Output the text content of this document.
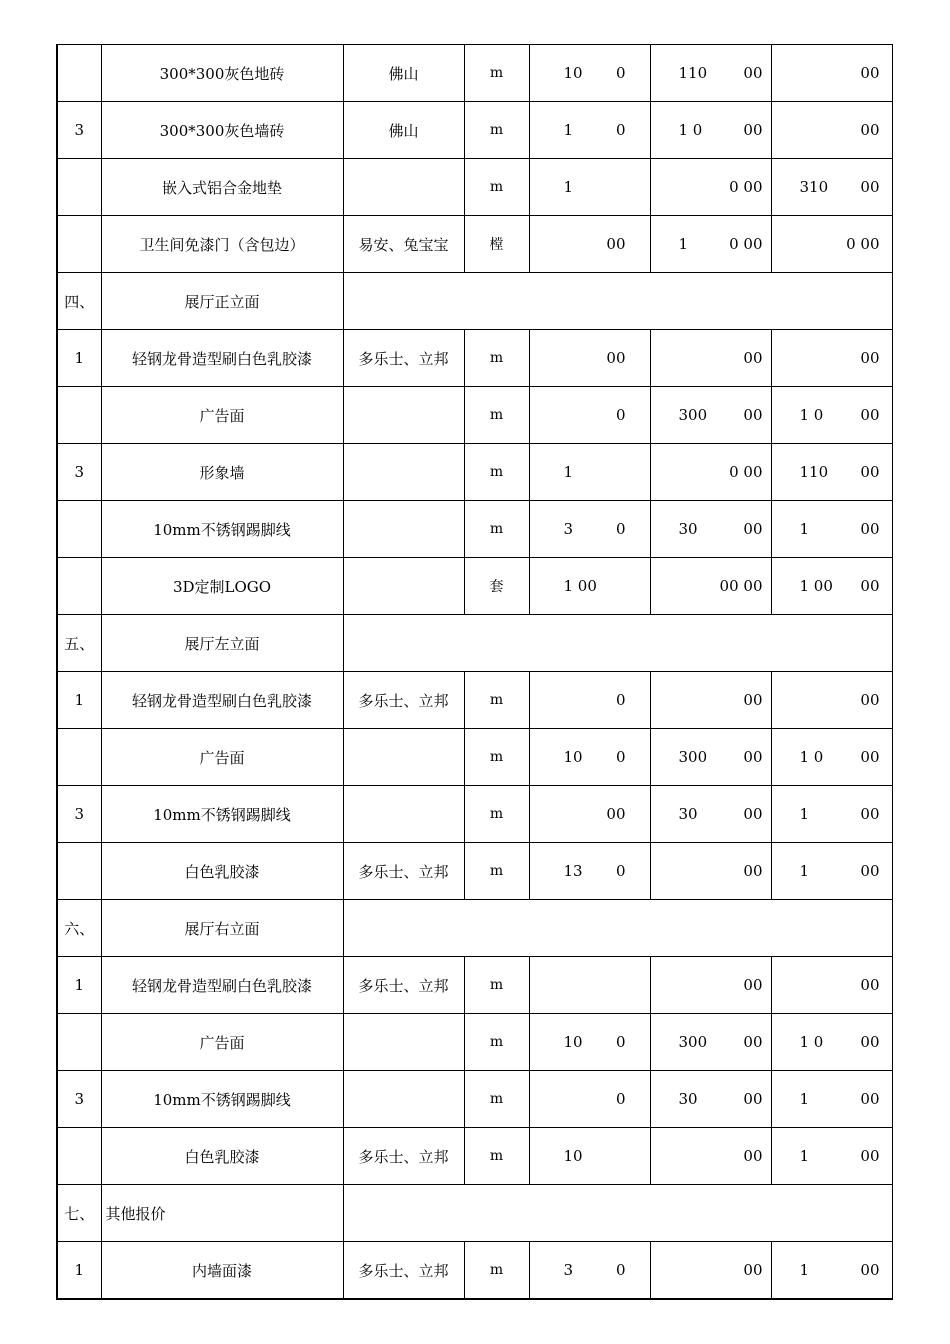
	300*300灰色地砖	佛山	m	10 0	110 00	00

3	300*300灰色墙砖	佛山	m	1 0	1 0 00	00

	嵌入式铝合金地垫		m	1	0 00	310 00

	卫生间免漆门（含包边）	易安、兔宝宝	樘	00	1 0 00	0 00

四、	展厅正立面					
1	轻钢龙骨造型刷白色乳胶漆	多乐士、立邦	m	00	00	00

	广告面		m	0	300 00	1 0 00

3	形象墙		m	1	0 00	110 00

	10mm不锈钢踢脚线		m	3 0	30 00	1 00

	3D定制LOGO		套	1 00	00 00	1 00 00

五、	展厅左立面					
1	轻钢龙骨造型刷白色乳胶漆	多乐士、立邦	m	0	00	00

	广告面		m	10 0	300 00	1 0 00

3	10mm不锈钢踢脚线		m	00	30 00	1 00

	白色乳胶漆	多乐士、立邦	m	13 0	00	1 00

六、	展厅右立面					
1	轻钢龙骨造型刷白色乳胶漆	多乐士、立邦	m		00	00

	广告面		m	10 0	300 00	1 0 00

3	10mm不锈钢踢脚线		m	0	30 00	1 00

	白色乳胶漆	多乐士、立邦	m	10	00	1 00

七、	其他报价					
1	内墙面漆	多乐士、立邦	m	3 0	00	1 00
